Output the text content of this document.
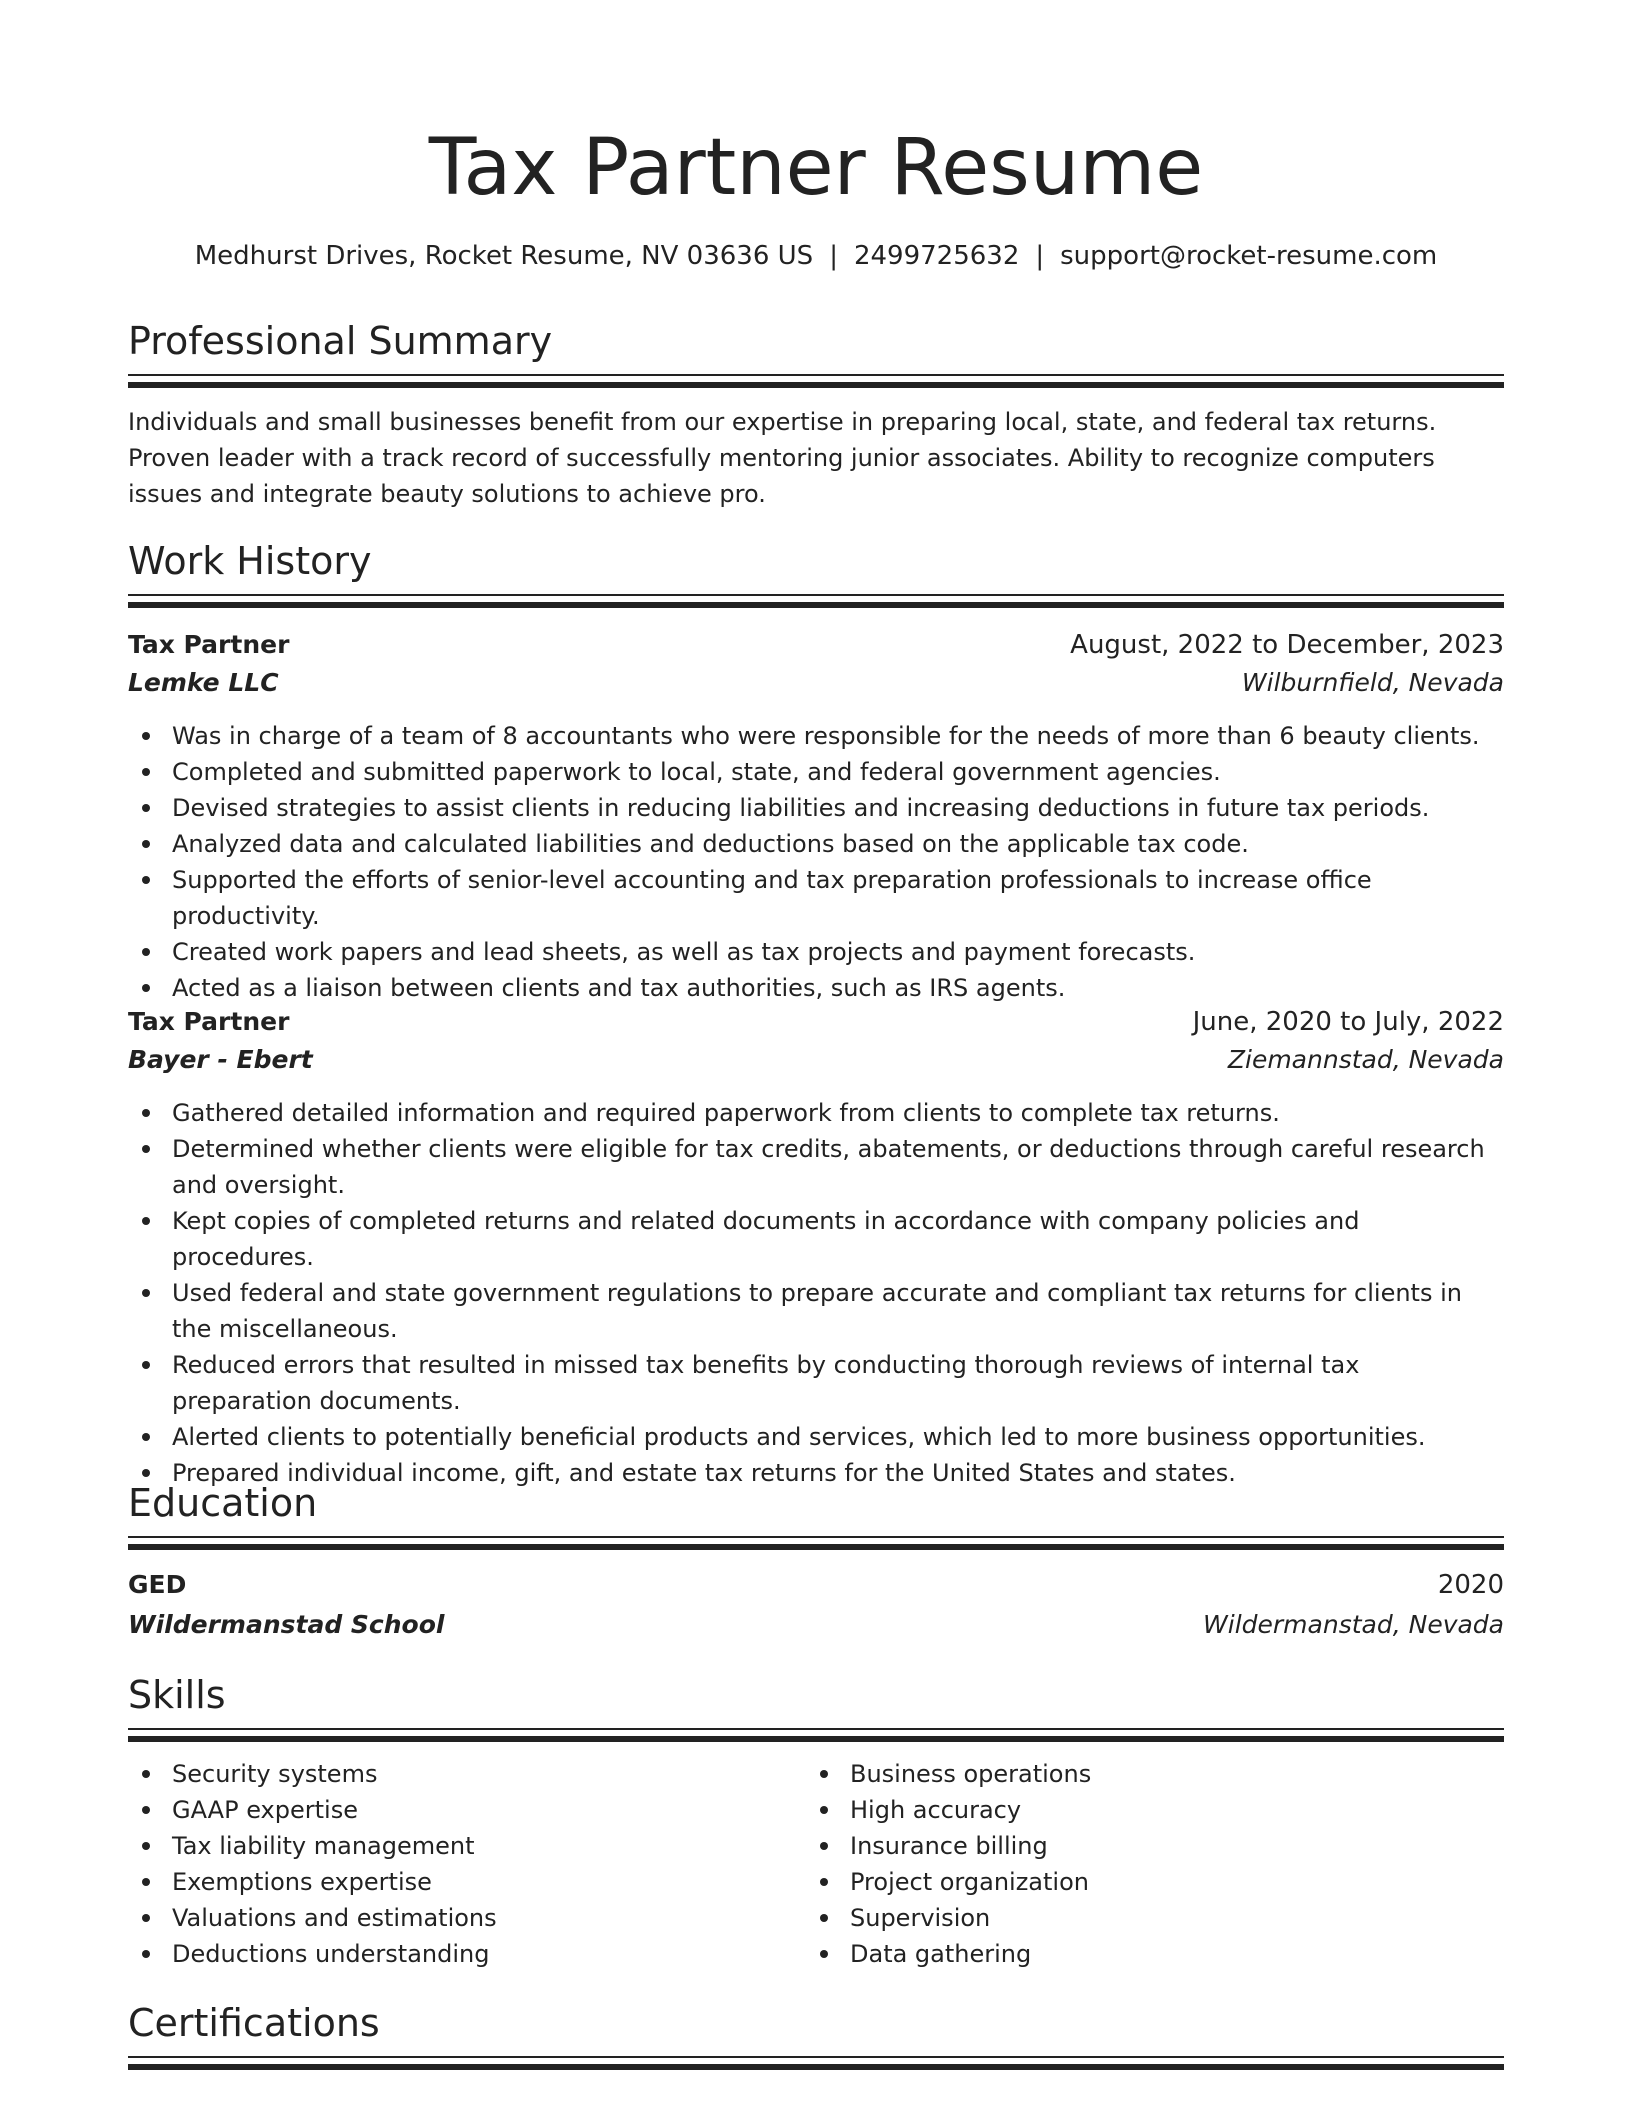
Tax Partner Resume
Medhurst Drives, Rocket Resume, NV 03636 US | 2499725632 | support@rocket-resume.com
Professional Summary

Individuals and small businesses benefit from our expertise in preparing local, state, and federal tax returns. Proven leader with a track record of successfully mentoring junior associates. Ability to recognize computers issues and integrate beauty solutions to achieve pro.

Work History
Tax Partner	August, 2022 to December, 2023
Lemke LLC	Wilburnfield, Nevada
Was in charge of a team of 8 accountants who were responsible for the needs of more than 6 beauty clients.
Completed and submitted paperwork to local, state, and federal government agencies.
Devised strategies to assist clients in reducing liabilities and increasing deductions in future tax periods.
Analyzed data and calculated liabilities and deductions based on the applicable tax code.
Supported the efforts of senior-level accounting and tax preparation professionals to increase office productivity.
Created work papers and lead sheets, as well as tax projects and payment forecasts.
Acted as a liaison between clients and tax authorities, such as IRS agents.
Tax Partner	June, 2020 to July, 2022
Bayer - Ebert	Ziemannstad, Nevada
Gathered detailed information and required paperwork from clients to complete tax returns.
Determined whether clients were eligible for tax credits, abatements, or deductions through careful research and oversight.
Kept copies of completed returns and related documents in accordance with company policies and procedures.
Used federal and state government regulations to prepare accurate and compliant tax returns for clients in the miscellaneous.
Reduced errors that resulted in missed tax benefits by conducting thorough reviews of internal tax preparation documents.
Alerted clients to potentially beneficial products and services, which led to more business opportunities.
Prepared individual income, gift, and estate tax returns for the United States and states.
Education
GED	2020
Wildermanstad School	Wildermanstad, Nevada
Skills
Security systems
GAAP expertise
Tax liability management
Exemptions expertise
Valuations and estimations
Deductions understanding
Business operations
High accuracy
Insurance billing
Project organization
Supervision
Data gathering
Certifications
